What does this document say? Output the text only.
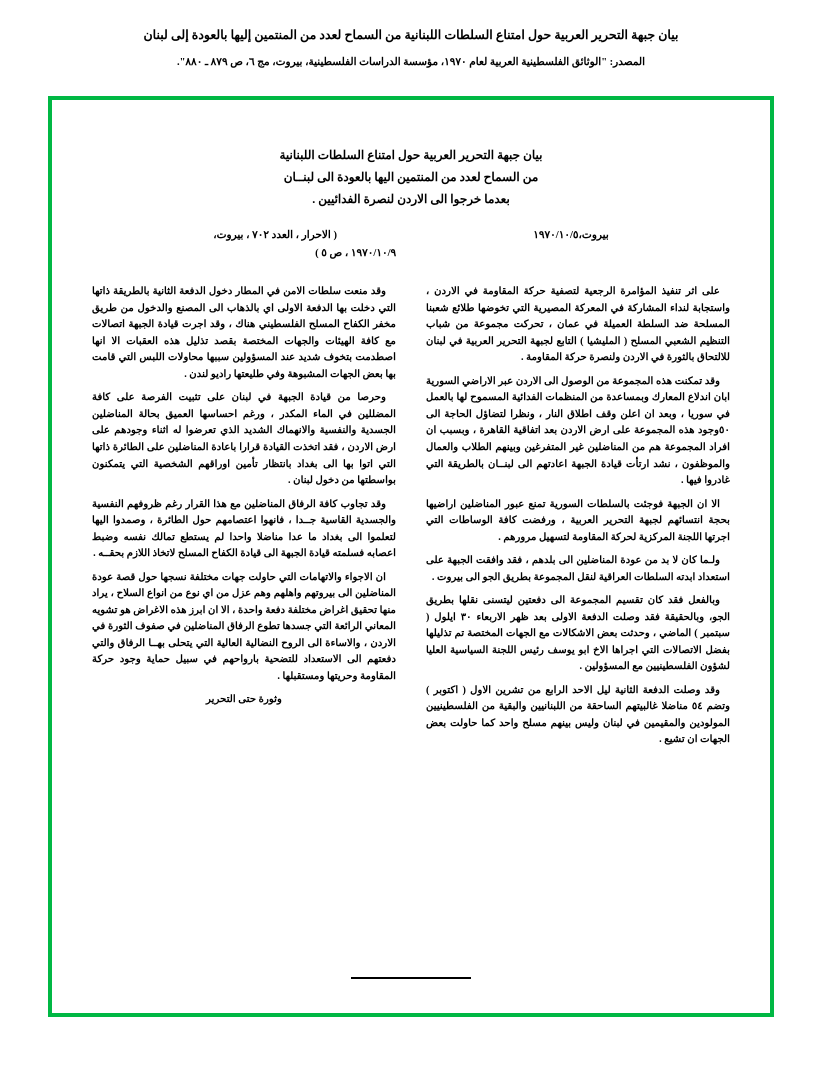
بيان جبهة التحرير العربية حول امتناع السلطات اللبنانية من السماح لعدد من المنتمين إليها بالعودة إلى لبنان
المصدر: "الوثائق الفلسطينية العربية لعام ١٩٧٠، مؤسسة الدراسات الفلسطينية، بيروت، مج ٦، ص ٨٧٩ ـ ٨٨٠".
بيان جبهة التحرير العربية حول امتناع السلطات اللبنانية
من السماح لعدد من المنتمين اليها بالعودة الى لبنــان
بعدما خرجوا الى الاردن لنصرة الفدائيين .
بيروت،١٩٧٠/١٠/٥
( الاحرار ، العدد ٧٠٢ ، بيروت،
١٩٧٠/١٠/٩ ، ص ٥ )

على اثر تنفيذ المؤامرة الرجعية لتصفية حركة المقاومة في الاردن ، واستجابة لنداء المشاركة في المعركة المصيرية التي تخوضها طلائع شعبنا المسلحة ضد السلطة العميلة في عمان ، تحركت مجموعة من شباب التنظيم الشعبي المسلح ( المليشيا ) التابع لجبهة التحرير العربية في لبنان للالتحاق بالثورة في الاردن ولنصرة حركة المقاومة .

وقد تمكنت هذه المجموعة من الوصول الى الاردن عبر الاراضي السورية ابان اندلاع المعارك وبمساعدة من المنظمات الفدائية المسموح لها بالعمل في سوريا ، وبعد ان اعلن وقف اطلاق النار ، ونظرا لتضاؤل الحاجة الى ٥٠وجود هذه المجموعة على ارض الاردن بعد اتفاقية القاهرة ، وبسبب ان افراد المجموعة هم من المناضلين غير المتفرغين وبينهم الطلاب والعمال والموظفون ، نشد ارتأت قيادة الجبهة اعادتهم الى لبنــان بالطريقة التي غادروا فيها .

الا ان الجبهة فوجئت بالسلطات السورية تمنع عبور المناضلين اراضيها بحجة انتسائهم لجبهة التحرير العربية ، ورفضت كافة الوساطات التي اجرتها اللجنة المركزية لحركة المقاومة لتسهيل مرورهم .

ولـما كان لا بد من عودة المناضلين الى بلدهم ، فقد وافقت الجبهة على استعداد ابدته السلطات العراقية لنقل المجموعة بطريق الجو الى بيروت .

وبالفعل فقد كان تقسيم المجموعة الى دفعتين ليتسنى نقلها بطريق الجو، وبالحقيقة فقد وصلت الدفعة الاولى بعد ظهر الاربعاء ٣٠ ايلول ( سبتمبر ) الماضي ، وحدثت بعض الاشكالات مع الجهات المختصة تم تذليلها بفضل الاتصالات التي اجراها الاخ ابو يوسف رئيس اللجنة السياسية العليا لشؤون الفلسطينيين مع المسؤولين .

وقد وصلت الدفعة الثانية ليل الاحد الرابع من تشرين الاول ( اكتوبر ) وتضم ٥٤ مناضلا غالبيتهم الساحقة من اللبنانيين والبقية من الفلسطينيين المولودين والمقيمين في لبنان وليس بينهم مسلح واحد كما حاولت بعض الجهات ان تشيع .

وقد منعت سلطات الامن في المطار دخول الدفعة الثانية بالطريقة ذاتها التي دخلت بها الدفعة الاولى اي بالذهاب الى المصنع والدخول من طريق مخفر الكفاح المسلح الفلسطيني هناك ، وقد اجرت قيادة الجبهة اتصالات مع كافة الهيئات والجهات المختصة بقصد تذليل هذه العقبات الا انها اصطدمت بتخوف شديد عند المسؤولين سببها محاولات اللبس التي قامت بها بعض الجهات المشبوهة وفي طليعتها راديو لندن .

وحرصا من قيادة الجبهة في لبنان على تثبيت الفرصة على كافة المضللين في الماء المكدر ، ورغم احساسها العميق بحالة المناضلين الجسدية والنفسية والانهماك الشديد الذي تعرضوا له اثناء وجودهم على ارض الاردن ، فقد اتخذت القيادة قرارا باعادة المناضلين على الطائرة ذاتها التي اتوا بها الى بغداد بانتظار تأمين اوراقهم الشخصية التي يتمكنون بواسطتها من دخول لبنان .

وقد تجاوب كافة الرفاق المناضلين مع هذا القرار رغم ظروفهم النفسية والجسدية القاسية جــدا ، فانهوا اعتصامهم حول الطائرة ، وصمدوا اليها لتعلموا الى بغداد ما عدا مناضلا واحدا لم يستطع تمالك نفسه وضبط اعصابه فسلمته قيادة الجبهة الى قيادة الكفاح المسلح لاتخاذ اللازم بحقــه .

ان الاجواء والاتهامات التي حاولت جهات مختلفة نسجها حول قصة عودة المناضلين الى بيروتهم واهلهم وهم عزل من اي نوع من انواع السلاح ، يراد منها تحقيق اغراض مختلفة دفعة واحدة ، الا ان ابرز هذه الاغراض هو تشويه المعاني الرائعة التي جسدها تطوع الرفاق المناضلين في صفوف الثورة في الاردن ، والاساءة الى الروح النضالية العالية التي يتحلى بهــا الرفاق والتي دفعتهم الى الاستعداد للتضحية بارواحهم في سبيل حماية وجود حركة المقاومة وحريتها ومستقبلها .

وثورة حتى التحرير
